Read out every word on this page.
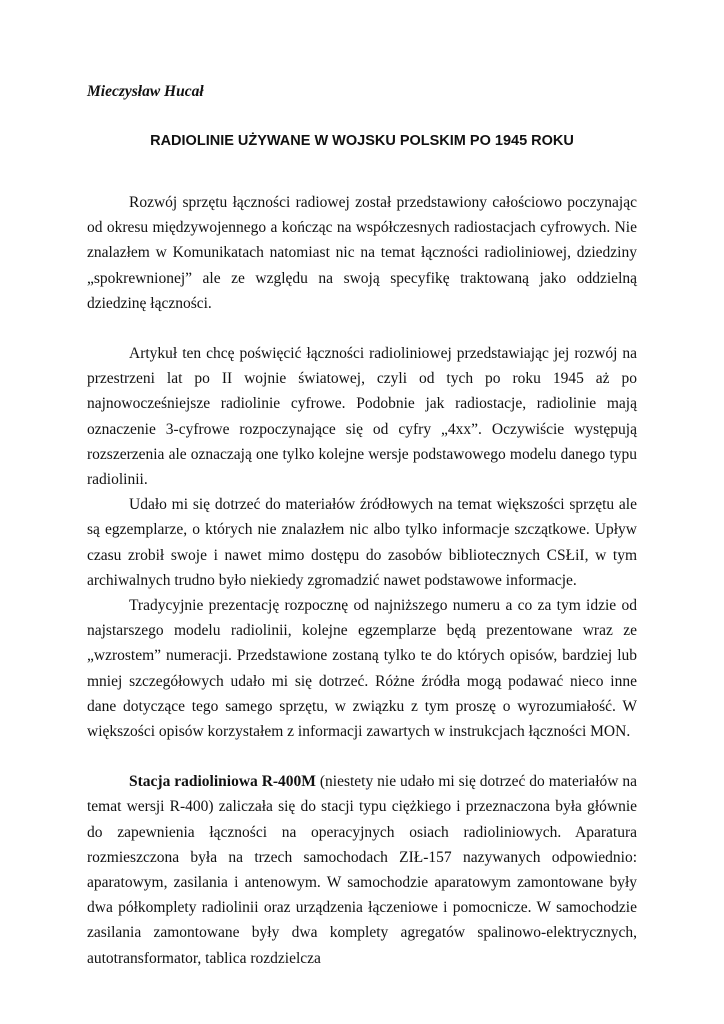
Mieczysław Hucał
RADIOLINIE UŻYWANE W WOJSKU POLSKIM PO 1945 ROKU

Rozwój sprzętu łączności radiowej został przedstawiony całościowo poczynając od okresu międzywojennego a kończąc na współczesnych radiostacjach cyfrowych. Nie znalazłem w Komunikatach natomiast nic na temat łączności radioliniowej, dziedziny „spokrewnionej” ale ze względu na swoją specyfikę traktowaną jako oddzielną dziedzinę łączności.

Artykuł ten chcę poświęcić łączności radioliniowej przedstawiając jej rozwój na przestrzeni lat po II wojnie światowej, czyli od tych po roku 1945 aż po najnowocześniejsze radiolinie cyfrowe. Podobnie jak radiostacje, radiolinie mają oznaczenie 3-cyfrowe rozpoczynające się od cyfry „4xx”. Oczywiście występują rozszerzenia ale oznaczają one tylko kolejne wersje podstawowego modelu danego typu radiolinii.

Udało mi się dotrzeć do materiałów źródłowych na temat większości sprzętu ale są egzemplarze, o których nie znalazłem nic albo tylko informacje szczątkowe. Upływ czasu zrobił swoje i nawet mimo dostępu do zasobów bibliotecznych CSŁiI, w tym archiwalnych trudno było niekiedy zgromadzić nawet podstawowe informacje.

Tradycyjnie prezentację rozpocznę od najniższego numeru a co za tym idzie od najstarszego modelu radiolinii, kolejne egzemplarze będą prezentowane wraz ze „wzrostem” numeracji. Przedstawione zostaną tylko te do których opisów, bardziej lub mniej szczegółowych udało mi się dotrzeć. Różne źródła mogą podawać nieco inne dane dotyczące tego samego sprzętu, w związku z tym proszę o wyrozumiałość. W większości opisów korzystałem z informacji zawartych w instrukcjach łączności MON.

Stacja radioliniowa R-400M (niestety nie udało mi się dotrzeć do materiałów na temat wersji R-400) zaliczała się do stacji typu ciężkiego i przeznaczona była głównie do zapewnienia łączności na operacyjnych osiach radioliniowych. Aparatura rozmieszczona była na trzech samochodach ZIŁ-157 nazywanych odpowiednio: aparatowym, zasilania i antenowym. W samochodzie aparatowym zamontowane były dwa półkomplety radiolinii oraz urządzenia łączeniowe i pomocnicze. W samochodzie zasilania zamontowane były dwa komplety agregatów spalinowo-elektrycznych, autotransformator, tablica rozdzielcza
